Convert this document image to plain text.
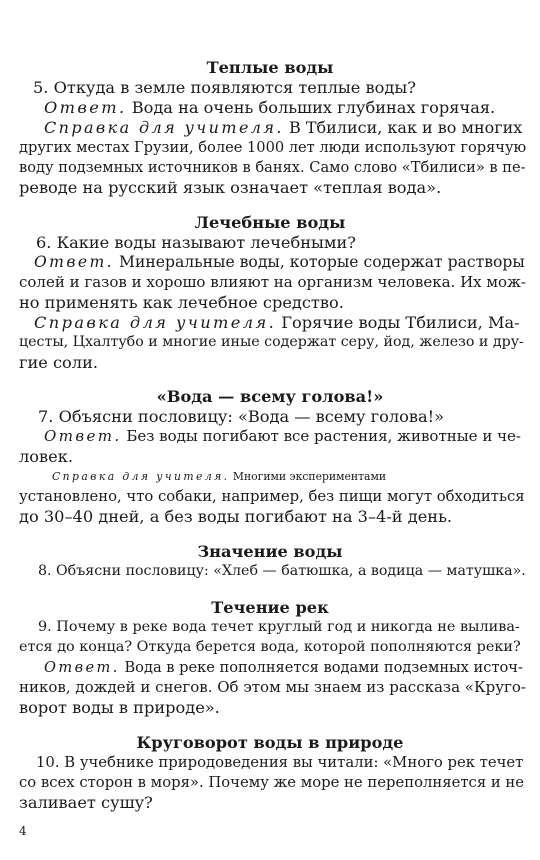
Теплые воды
5. Откуда в земле появляются теплые воды?
Ответ. Вода на очень больших глубинах горячая.
Справка для учителя. В Тбилиси, как и во многих
других местах Грузии, более 1000 лет люди используют горячую
воду подземных источников в банях. Само слово «Тбилиси» в пе-
реводе на русский язык означает «теплая вода».
Лечебные воды
6. Какие воды называют лечебными?
Ответ. Минеральные воды, которые содержат растворы
солей и газов и хорошо влияют на организм человека. Их мож-
но применять как лечебное средство.
Справка для учителя. Горячие воды Тбилиси, Ма-
цесты, Цхалтубо и многие иные содержат серу, йод, железо и дру-
гие соли.
«Вода — всему голова!»
7. Объясни пословицу: «Вода — всему голова!»
Ответ. Без воды погибают все растения, животные и че-
ловек.
Справка для учителя. Многими экспериментами
установлено, что собаки, например, без пищи могут обходиться
до 30–40 дней, а без воды погибают на 3–4-й день.
Значение воды
8. Объясни пословицу: «Хлеб — батюшка, а водица — матушка».
Течение рек
9. Почему в реке вода течет круглый год и никогда не вылива-
ется до конца? Откуда берется вода, которой пополняются реки?
Ответ. Вода в реке пополняется водами подземных источ-
ников, дождей и снегов. Об этом мы знаем из рассказа «Круго-
ворот воды в природе».
Круговорот воды в природе
10. В учебнике природоведения вы читали: «Много рек течет
со всех сторон в моря». Почему же море не переполняется и не
заливает сушу?
4
